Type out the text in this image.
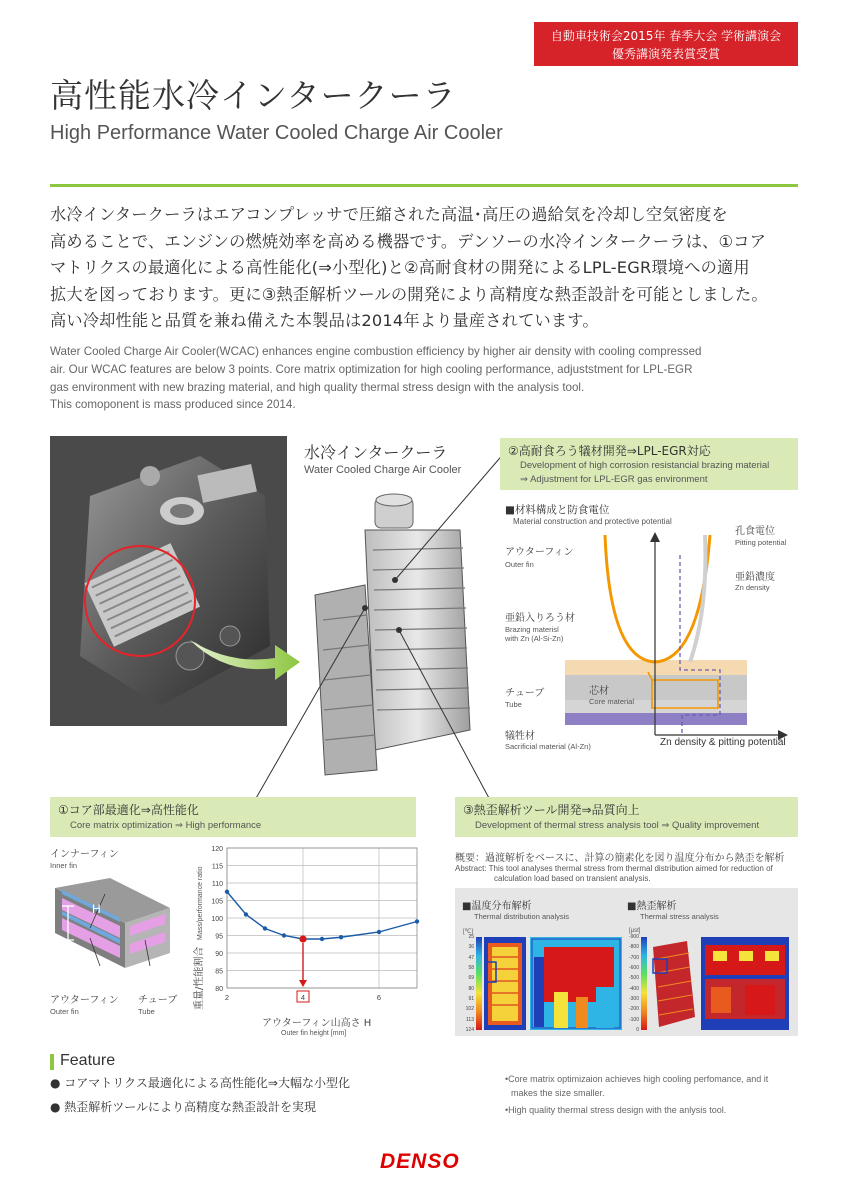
自動車技術会2015年 春季大会 学術講演会
優秀講演発表賞受賞
高性能水冷インタークーラ
High Performance Water Cooled Charge Air Cooler
水冷インタークーラはエアコンプレッサで圧縮された高温･高圧の過給気を冷却し空気密度を
高めることで、エンジンの燃焼効率を高める機器です。デンソーの水冷インタークーラは、①コア
マトリクスの最適化による高性能化(⇒小型化)と②高耐食材の開発によるLPL-EGR環境への適用
拡大を図っております。更に③熱歪解析ツールの開発により高精度な熱歪設計を可能としました。
高い冷却性能と品質を兼ね備えた本製品は2014年より量産されています。
Water Cooled Charge Air Cooler(WCAC) enhances engine combustion efficiency by higher air density with cooling compressed
air. Our WCAC features are below 3 points. Core matrix optimization for high cooling performance, adjuststment for LPL-EGR
gas environment with new brazing material, and high quality thermal stress design with the analysis tool.
This comoponent is mass produced since 2014.
水冷インタークーラ
Water Cooled Charge Air Cooler
②高耐食ろう犠材開発⇒LPL-EGR対応
Development of high corrosion resistancial brazing material
⇒ Adjustment for LPL-EGR gas environment
■材料構成と防食電位
Material construction and protective potential
アウターフィン
Outer fin
亜鉛入りろう材
Brazing materisl
with Zn (Al-Si-Zn)
チューブ
Tube
芯材
Core material
犠牲材
Sacrificial material (Al-Zn)
孔食電位
Pitting potential
亜鉛濃度
Zn density
Zn density & pitting potential
①コア部最適化⇒高性能化
Core matrix optimization ⇒ High performance
インナーフィン
Inner fin
H
アウターフィン
Outer fin
チューブ
Tube
重量/性能割合
Mass/performance ratio
80
85
90
95
100
105
110
115
120
2	4	6
アウターフィン山高さ H
Outer fin height [mm]
③熱歪解析ツール開発⇒品質向上
Development of thermal stress analysis tool ⇒ Quality improvement
概要：過渡解析をベースに、計算の簡素化を図り温度分布から熱歪を解析
Abstract: This tool analyses thermal stress from thermal distribution aimed for reduction of
calculation load based on transient analysis.
■温度分布解析
Thermal distribution analysis
■熱歪解析
Thermal stress analysis
[℃]	[μst]
25
36
47
58
69
80
91
102
113
124
-900
-800
-700
-600
-500
-400
-300
-200
-100
0
Feature
● コアマトリクス最適化による高性能化⇒大幅な小型化
● 熱歪解析ツールにより高精度な熱歪設計を実現
•Core matrix optimizaion achieves high cooling perfomance, and it
makes the size smaller.
•High quality thermal stress design with the anlysis tool.
DENSO
